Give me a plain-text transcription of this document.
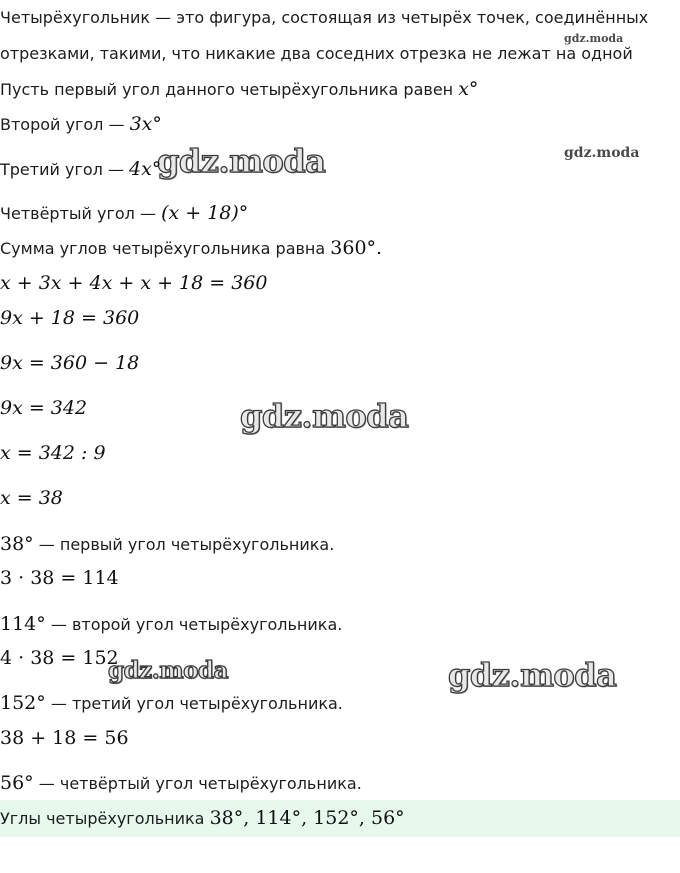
gdz.moda
gdz.moda
gdz.moda
gdz.moda
gdz.moda	gdz.moda
Четырёхугольник — это фигура, состоящая из четырёх точек, соединённых
отрезками, такими, что никакие два соседних отрезка не лежат на одной
Пусть первый угол данного четырёхугольника равен x°
Второй угол — 3x°
Третий угол — 4x°
Четвёртый угол — (x + 18)°
Сумма углов четырёхугольника равна 360°.
x + 3x + 4x + x + 18 = 360
9x + 18 = 360
9x = 360 − 18
9x = 342
x = 342 : 9
x = 38
38° — первый угол четырёхугольника.
3 · 38 = 114
114° — второй угол четырёхугольника.
4 · 38 = 152
152° — третий угол четырёхугольника.
38 + 18 = 56
56° — четвёртый угол четырёхугольника.
Углы четырёхугольника 38°, 114°, 152°, 56°
